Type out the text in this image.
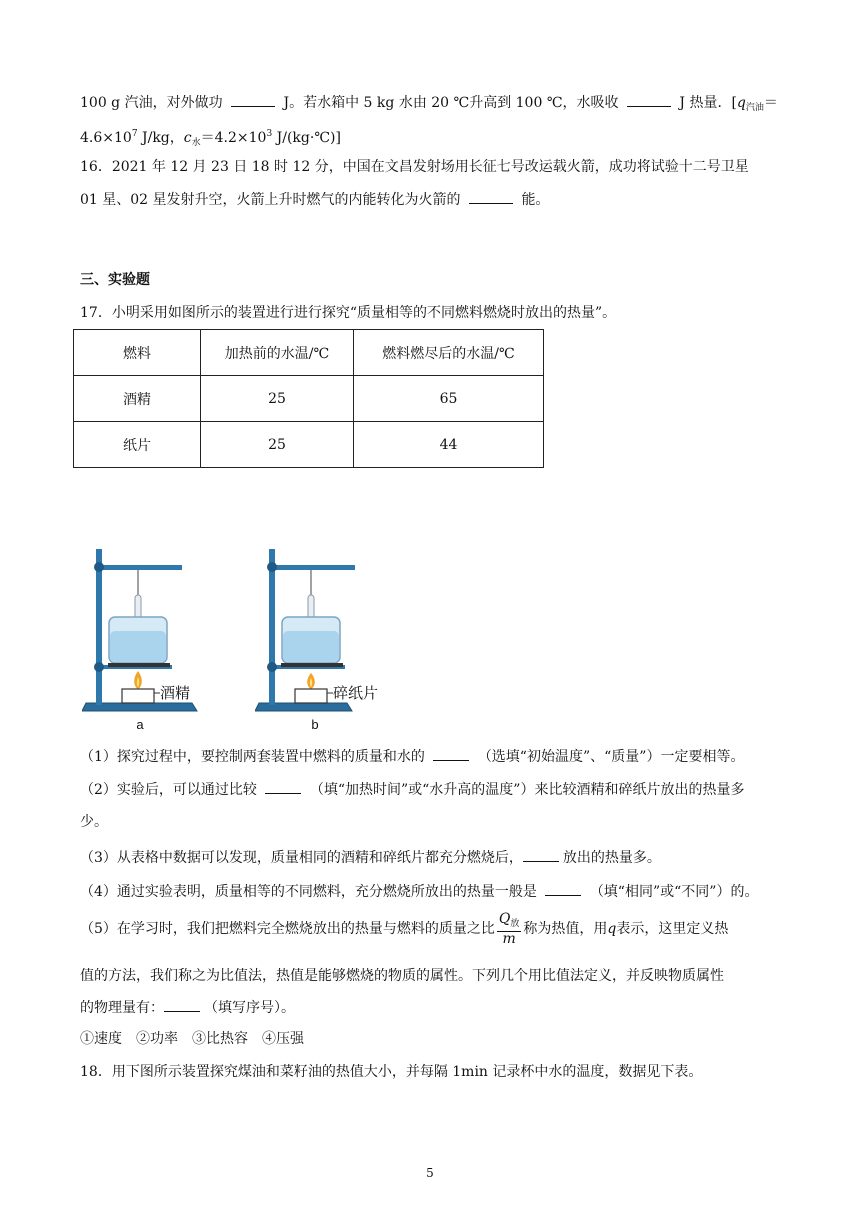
100 g 汽油，对外做功	J。若水箱中 5 kg 水由 20 ℃升高到 100 ℃，水吸收	J 热量．[$q_{汽油}=$
$4.6\times 10^7$ J/kg，$c_水=4.2\times 10^3$ J/(kg·℃)]
16．2021 年 12 月 23 日 18 时 12 分，中国在文昌发射场用长征七号改运载火箭，成功将试验十二号卫星
01 星、02 星发射升空，火箭上升时燃气的内能转化为火箭的	能。
三、实验题
17．小明采用如图所示的装置进行进行探究“质量相等的不同燃料燃烧时放出的热量”。
燃料	加热前的水温/℃	燃料燃尽后的水温/℃
酒精	25	65
纸片	25	44
酒精
a
碎纸片
b
（1）探究过程中，要控制两套装置中燃料的质量和水的	（选填“初始温度”、“质量”）一定要相等。
（2）实验后，可以通过比较	（填“加热时间”或“水升高的温度”）来比较酒精和碎纸片放出的热量多
少。
（3）从表格中数据可以发现，质量相同的酒精和碎纸片都充分燃烧后，	放出的热量多。
（4）通过实验表明，质量相等的不同燃料，充分燃烧所放出的热量一般是	（填“相同”或“不同”）的。
（5）在学习时，我们把燃料完全燃烧放出的热量与燃料的质量之比 $\frac{Q_放}{m}$ 称为热值，用q表示，这里定义热
值的方法，我们称之为比值法，热值是能够燃烧的物质的属性。下列几个用比值法定义，并反映物质属性
的物理量有：	（填写序号）。
①速度　②功率　③比热容　④压强
18．用下图所示装置探究煤油和菜籽油的热值大小，并每隔 1min 记录杯中水的温度，数据见下表。
5
